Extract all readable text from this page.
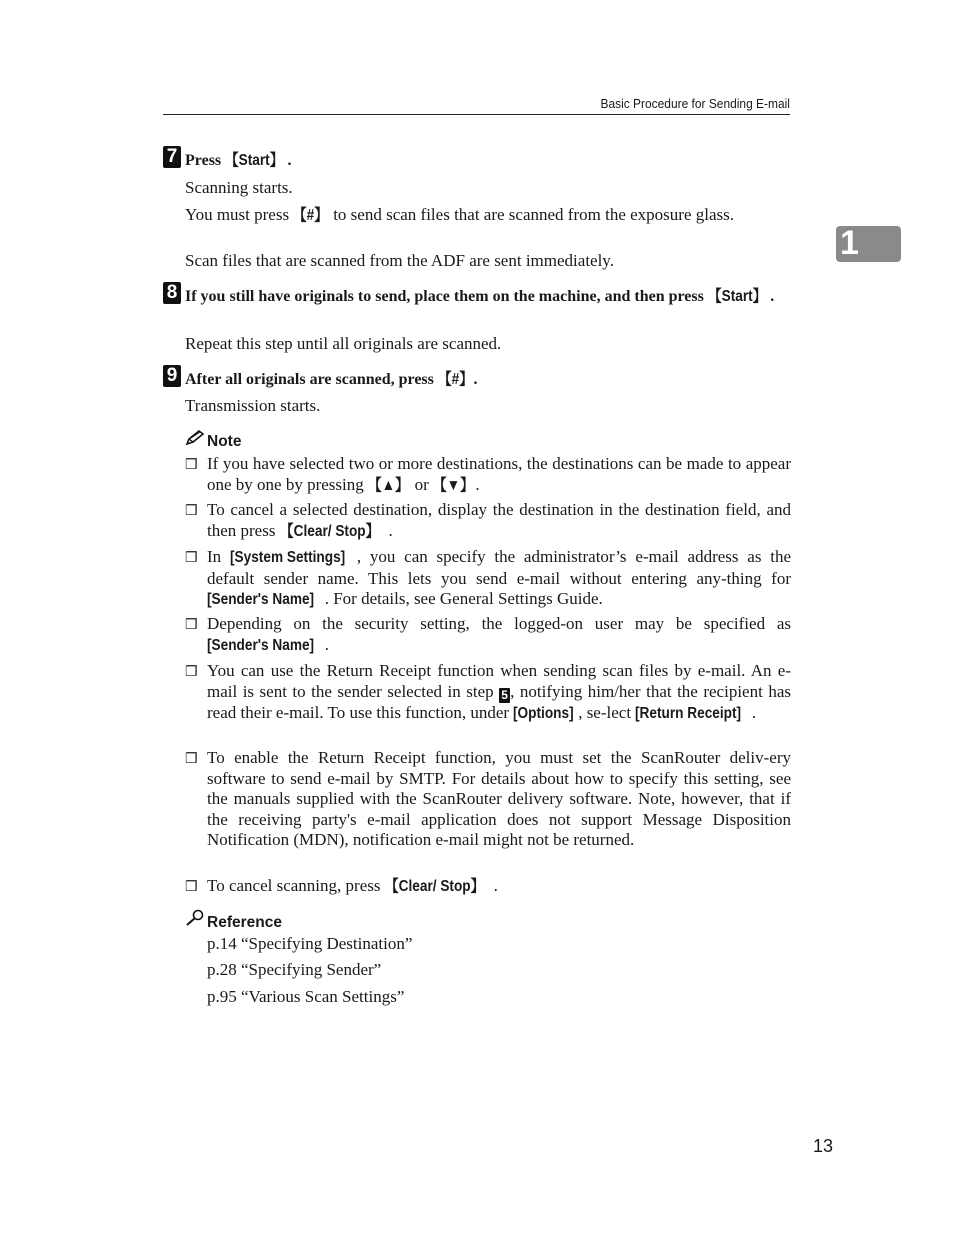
Basic Procedure for Sending E-mail
1
7 Press 【Start】 .
Scanning starts.
You must press 【#】 to send scan files that are scanned from the exposure glass.
Scan files that are scanned from the ADF are sent immediately.
8 If you still have originals to send, place them on the machine, and then press 【Start】 .
Repeat this step until all originals are scanned.
9 After all originals are scanned, press 【#】.
Transmission starts.
Note
❒ If you have selected two or more destinations, the destinations can be made to appear one by one by pressing 【▲】 or 【▼】.
❒ To cancel a selected destination, display the destination in the destination field, and then press 【Clear/ Stop】 .
❒ In [System Settings] , you can specify the administrator’s e-mail address as the default sender name. This lets you send e-mail without entering any-thing for [Sender's Name] . For details, see General Settings Guide.
❒ Depending on the security setting, the logged-on user may be specified as [Sender's Name] .
❒ You can use the Return Receipt function when sending scan files by e-mail. An e-mail is sent to the sender selected in step 5 , notifying him/her that the recipient has read their e-mail. To use this function, under [Options] , se-lect [Return Receipt] .
❒ To enable the Return Receipt function, you must set the ScanRouter deliv-ery software to send e-mail by SMTP. For details about how to specify this setting, see the manuals supplied with the ScanRouter delivery software. Note, however, that if the receiving party's e-mail application does not support Message Disposition Notification (MDN), notification e-mail might not be returned.
❒ To cancel scanning, press 【Clear/ Stop】 .
Reference
p.14 “Specifying Destination”
p.28 “Specifying Sender”
p.95 “Various Scan Settings”
13
